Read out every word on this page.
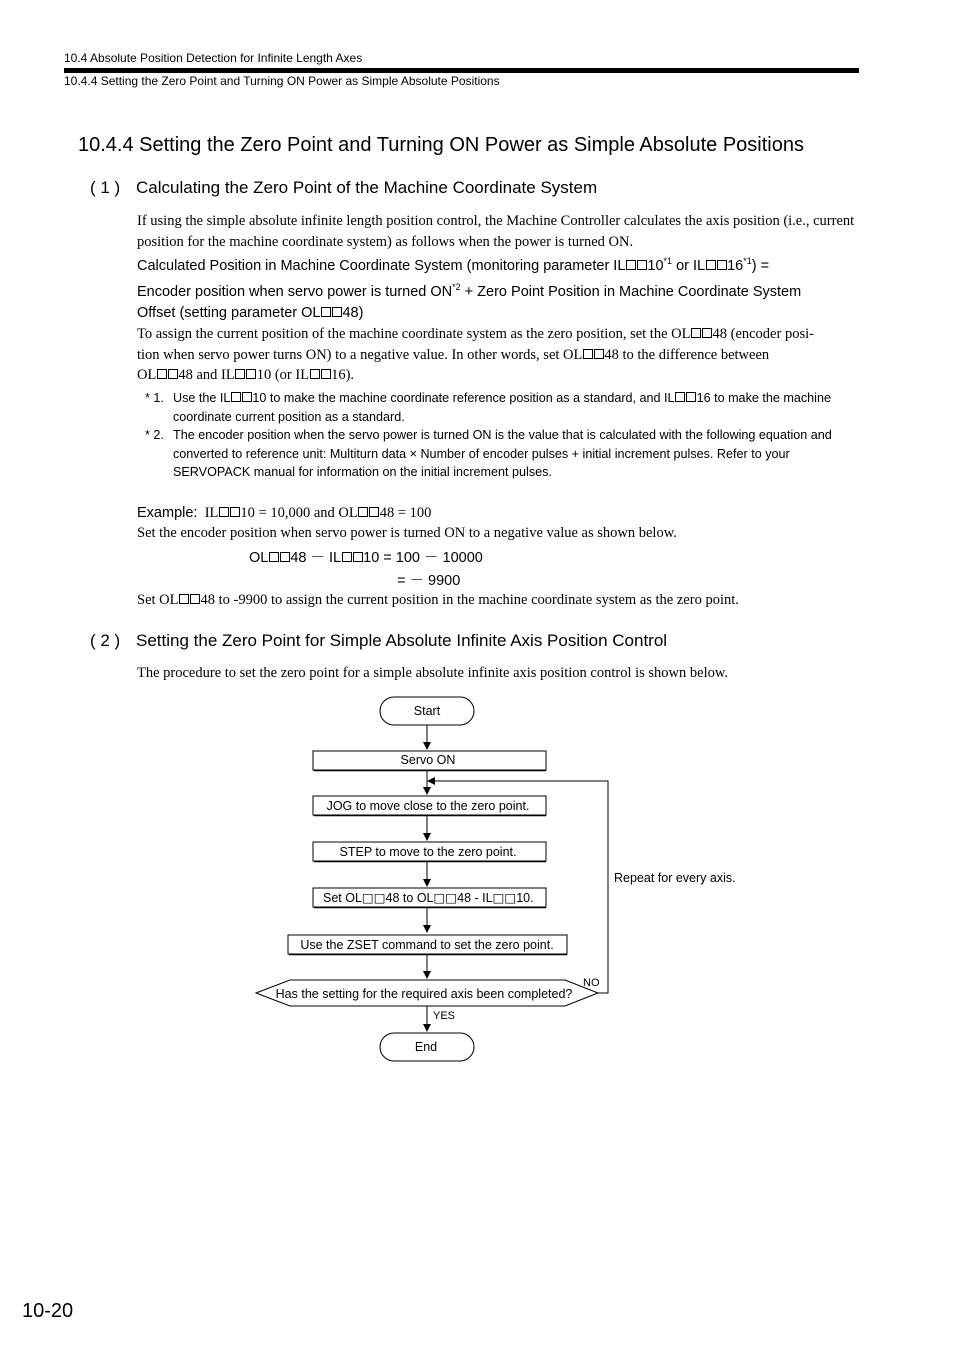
10.4 Absolute Position Detection for Infinite Length Axes
10.4.4 Setting the Zero Point and Turning ON Power as Simple Absolute Positions
10.4.4 Setting the Zero Point and Turning ON Power as Simple Absolute Positions
( 1 ) Calculating the Zero Point of the Machine Coordinate System
If using the simple absolute infinite length position control, the Machine Controller calculates the axis position (i.e., current position for the machine coordinate system) as follows when the power is turned ON.
Calculated Position in Machine Coordinate System (monitoring parameter IL 10$^{*1}$ or IL $16^{*1}$) =
Encoder position when servo power is turned $ON^{*2}$ + Zero Point Position in Machine Coordinate System
Offset (setting parameter OL 48)
To assign the current position of the machine coordinate system as the zero position, set the OL 48 (encoder posi-
tion when servo power turns ON) to a negative value. In other words, set OL 48 to the difference between
OL 48 and IL 10 (or IL 16).
* 1. Use the IL 10 to make the machine coordinate reference position as a standard, and IL 16 to make the machine coordinate current position as a standard.
* 2. The encoder position when the servo power is turned ON is the value that is calculated with the following equation and converted to reference unit: Multiturn data × Number of encoder pulses + initial increment pulses. Refer to your SERVOPACK manual for information on the initial increment pulses.
Example: IL 10 = 10,000 and OL 48 = 100
Set the encoder position when servo power is turned ON to a negative value as shown below.
OL 48 － IL 10 = 100 － 10000
= － 9900
Set OL 48 to -9900 to assign the current position in the machine coordinate system as the zero point.
( 2 ) Setting the Zero Point for Simple Absolute Infinite Axis Position Control
The procedure to set the zero point for a simple absolute infinite axis position control is shown below.
Start
Servo ON
JOG to move close to the zero point.
STEP to move to the zero point.
Set OL□□48 to OL□□48 - IL□□10.
Use the ZSET command to set the zero point.
Has the setting for the required axis been completed?
NO
Repeat for every axis.
YES
End
10-20
